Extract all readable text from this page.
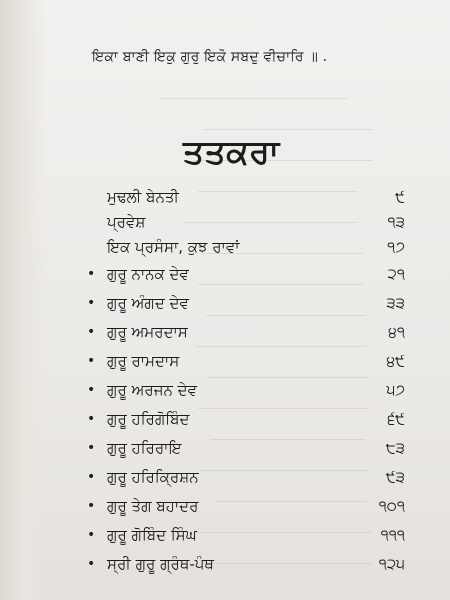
ਇਕਾ ਬਾਣੀ ਇਕੁ ਗੁਰੁ ਇਕੋ ਸਬਦੁ ਵੀਚਾਰਿ ॥ .
ਤਤਕਰਾ
ਮੁਢਲੀ ਬੇਨਤੀ	੯
ਪ੍ਰਵੇਸ਼	੧੩
ਇਕ ਪ੍ਰਸੰਸਾ, ਕੁਝ ਰਾਵਾਂ	੧੭
• ਗੁਰੂ ਨਾਨਕ ਦੇਵ	੨੧
• ਗੁਰੂ ਅੰਗਦ ਦੇਵ	੩੩
• ਗੁਰੂ ਅਮਰਦਾਸ	੪੧
• ਗੁਰੂ ਰਾਮਦਾਸ	੪੯
• ਗੁਰੂ ਅਰਜਨ ਦੇਵ	੫੭
• ਗੁਰੂ ਹਰਿਗੋਬਿੰਦ	੬੯
• ਗੁਰੂ ਹਰਿਰਾਇ	੮੩
• ਗੁਰੂ ਹਰਿਕ੍ਰਿਸ਼ਨ	੯੩
• ਗੁਰੂ ਤੇਗ ਬਹਾਦਰ	੧੦੧
• ਗੁਰੂ ਗੋਬਿੰਦ ਸਿੰਘ	੧੧੧
• ਸ੍ਰੀ ਗੁਰੂ ਗ੍ਰੰਥ-ਪੰਥ	੧੨੫
